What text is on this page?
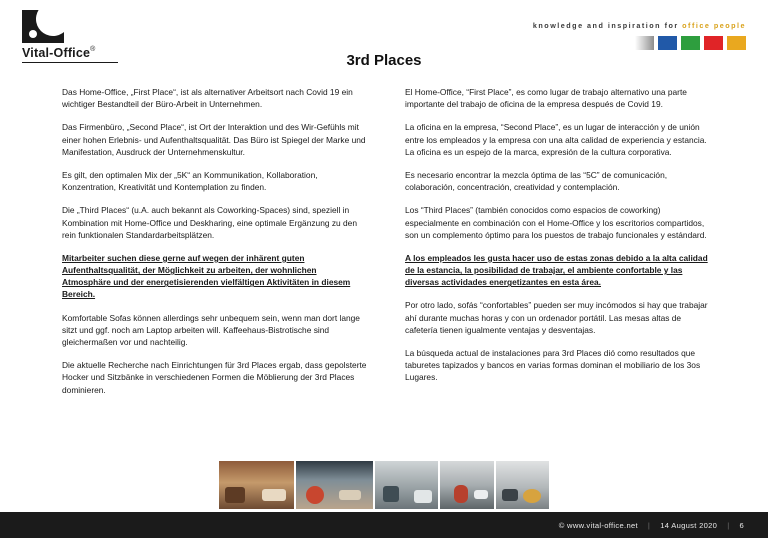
Vital-Office®
knowledge and inspiration for office people
3rd Places

Das Home-Office, „First Place“, ist als alternativer Arbeitsort nach Covid 19 ein wichtiger Bestandteil der Büro-Arbeit in Unternehmen.

Das Firmenbüro, „Second Place“, ist Ort der Interaktion und des Wir-Gefühls mit einer hohen Erlebnis- und Aufenthaltsqualität. Das Büro ist Spiegel der Marke und Manifestation, Ausdruck der Unternehmenskultur.

Es gilt, den optimalen Mix der „5K“ an Kommunikation, Kollaboration, Konzentration, Kreativität und Kontemplation zu finden.

Die „Third Places“ (u.A. auch bekannt als Coworking-Spaces) sind, speziell in Kombination mit Home-Office und Deskharing, eine optimale Ergänzung zu den rein funktionalen Standardarbeitsplätzen.

Mitarbeiter suchen diese gerne auf wegen der inhärent guten Aufenthaltsqualität, der Möglichkeit zu arbeiten, der wohnlichen Atmosphäre und der energetisierenden vielfältigen Aktivitäten in diesem Bereich.

Komfortable Sofas können allerdings sehr unbequem sein, wenn man dort lange sitzt und ggf. noch am Laptop arbeiten will. Kaffeehaus-Bistrotische sind gleichermaßen vor und nachteilig.

Die aktuelle Recherche nach Einrichtungen für 3rd Places ergab, dass gepolsterte Hocker und Sitzbänke in verschiedenen Formen die Möblierung der 3rd Places dominieren.

El Home-Office, “First Place”, es como lugar de trabajo alternativo una parte importante del trabajo de oficina de la empresa después de Covid 19.

La oficina en la empresa, “Second Place”, es un lugar de interacción y de unión entre los empleados y la empresa con una alta calidad de experiencia y estancia. La oficina es un espejo de la marca, expresión de la cultura corporativa.

Es necesario encontrar la mezcla óptima de las “5C” de comunicación, colaboración, concentración, creatividad y contemplación.

Los “Third Places” (también conocidos como espacios de coworking) especialmente en combinación con el Home-Office y los escritorios compartidos, son un complemento óptimo para los puestos de trabajo funcionales y estándard.

A los empleados les gusta hacer uso de estas zonas debido a la alta calidad de la estancia, la posibilidad de trabajar, el ambiente confortable y las diversas actividades energetizantes en esta área.

Por otro lado, sofás “confortables” pueden ser muy incómodos si hay que trabajar ahí durante muchas horas y con un ordenador portátil. Las mesas altas de cafetería tienen igualmente ventajas y desventajas.

La búsqueda actual de instalaciones para 3rd Places dió como resultados que taburetes tapizados y bancos en varias formas dominan el mobiliario de los 3os Lugares.

© www.vital-office.net | 14 August 2020 | 6
